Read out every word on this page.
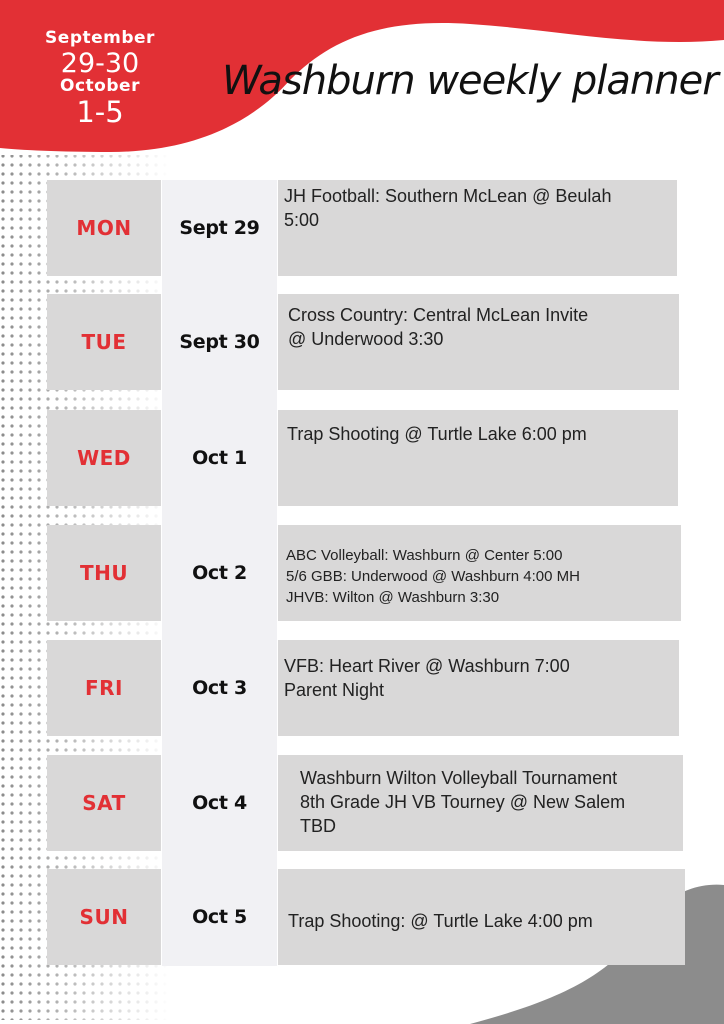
September
29-30
October
1-5
Washburn weekly planner
MON	Sept 29
JH Football: Southern McLean @ Beulah
5:00
TUE	Sept 30
Cross Country: Central McLean Invite
@ Underwood 3:30
WED	Oct 1
Trap Shooting @ Turtle Lake 6:00 pm
THU	Oct 2
ABC Volleyball: Washburn @ Center 5:00
5/6 GBB: Underwood @ Washburn 4:00 MH
JHVB: Wilton @ Washburn 3:30
FRI	Oct 3
VFB: Heart River @ Washburn 7:00
Parent Night
SAT	Oct 4
Washburn Wilton Volleyball Tournament
8th Grade JH VB Tourney @ New Salem
TBD
SUN	Oct 5 Trap Shooting: @ Turtle Lake 4:00 pm
